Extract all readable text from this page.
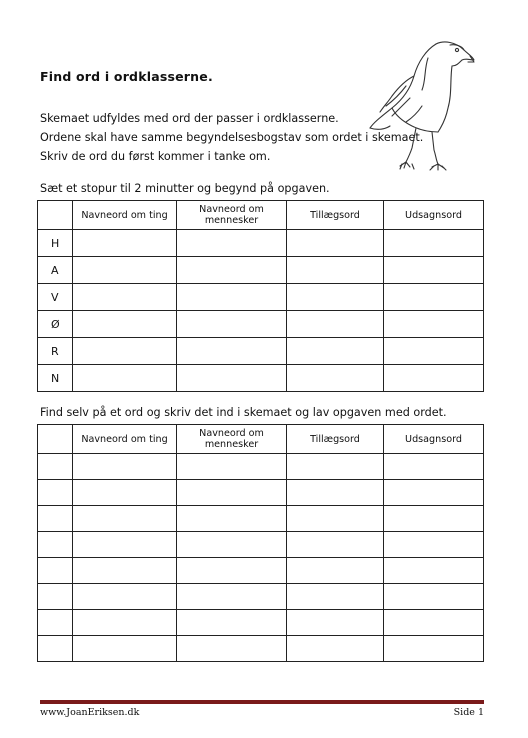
Find ord i ordklasserne.
Skemaet udfyldes med ord der passer i ordklasserne.
Ordene skal have samme begyndelsesbogstav som ordet i skemaet.
Skriv de ord du først kommer i tanke om.
Sæt et stopur til 2 minutter og begynd på opgaven.
	Navneord om ting	Navneord om mennesker	Tillægsord	Udsagnsord
H				
A				
V				
Ø				
R				
N				
Find selv på et ord og skriv det ind i skemaet og lav opgaven med ordet.
	Navneord om ting	Navneord om mennesker	Tillægsord	Udsagnsord

www.JoanEriksen.dk	Side 1
